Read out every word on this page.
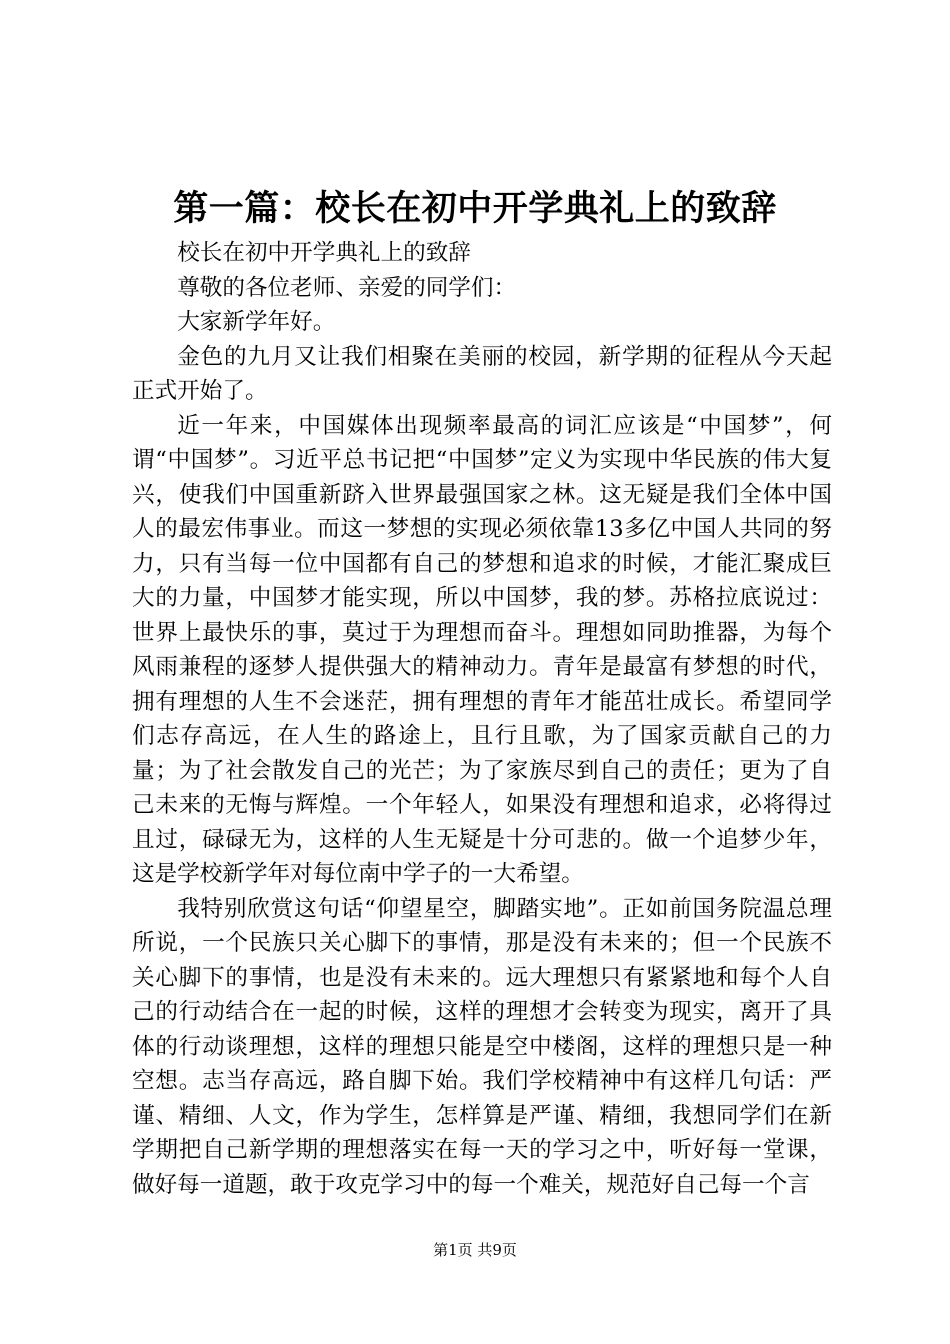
第一篇：校长在初中开学典礼上的致辞

校长在初中开学典礼上的致辞

尊敬的各位老师、亲爱的同学们：

大家新学年好。

金色的九月又让我们相聚在美丽的校园，新学期的征程从今天起正式开始了。

近一年来，中国媒体出现频率最高的词汇应该是“中国梦”，何谓“中国梦”。习近平总书记把“中国梦”定义为实现中华民族的伟大复兴，使我们中国重新跻入世界最强国家之林。这无疑是我们全体中国人的最宏伟事业。而这一梦想的实现必须依靠13多亿中国人共同的努力，只有当每一位中国都有自己的梦想和追求的时候，才能汇聚成巨大的力量，中国梦才能实现，所以中国梦，我的梦。苏格拉底说过：世界上最快乐的事，莫过于为理想而奋斗。理想如同助推器，为每个风雨兼程的逐梦人提供强大的精神动力。青年是最富有梦想的时代，拥有理想的人生不会迷茫，拥有理想的青年才能茁壮成长。希望同学们志存高远，在人生的路途上，且行且歌，为了国家贡献自己的力量；为了社会散发自己的光芒；为了家族尽到自己的责任；更为了自己未来的无悔与辉煌。一个年轻人，如果没有理想和追求，必将得过且过，碌碌无为，这样的人生无疑是十分可悲的。做一个追梦少年，这是学校新学年对每位南中学子的一大希望。

我特别欣赏这句话“仰望星空，脚踏实地”。正如前国务院温总理所说，一个民族只关心脚下的事情，那是没有未来的；但一个民族不关心脚下的事情，也是没有未来的。远大理想只有紧紧地和每个人自己的行动结合在一起的时候，这样的理想才会转变为现实，离开了具体的行动谈理想，这样的理想只能是空中楼阁，这样的理想只是一种空想。志当存高远，路自脚下始。我们学校精神中有这样几句话：严谨、精细、人文，作为学生，怎样算是严谨、精细，我想同学们在新学期把自己新学期的理想落实在每一天的学习之中，听好每一堂课，做好每一道题，敢于攻克学习中的每一个难关，规范好自己每一个言

第1页 共9页
